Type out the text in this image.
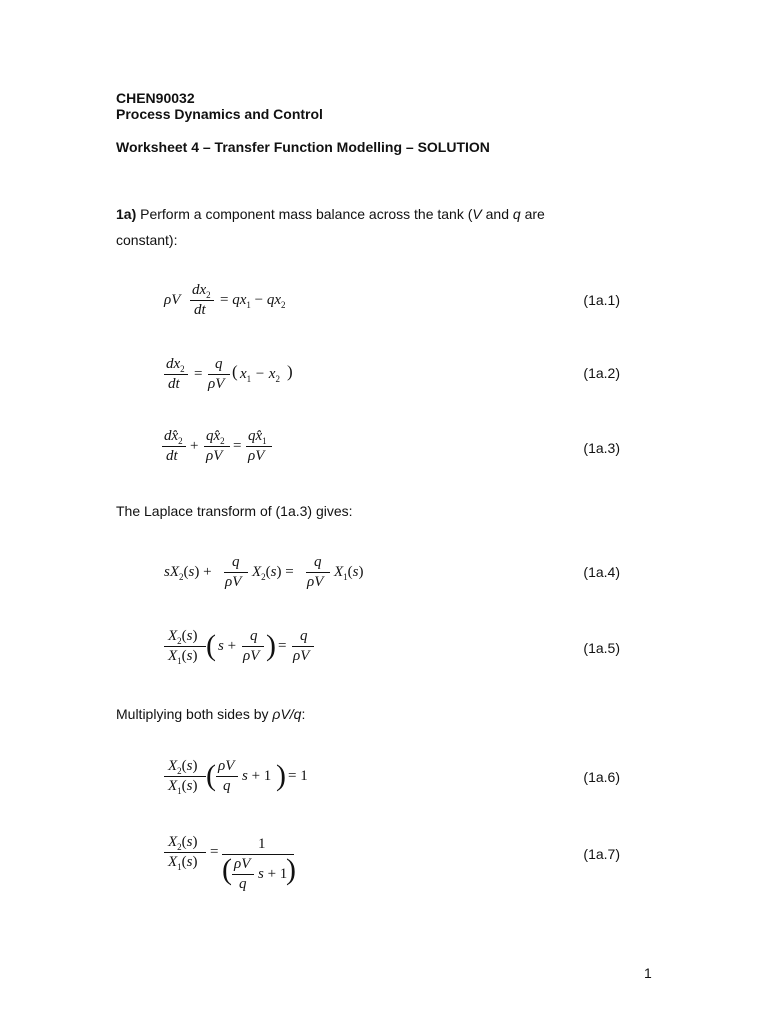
CHEN90032
Process Dynamics and Control
Worksheet 4 – Transfer Function Modelling – SOLUTION
1a) Perform a component mass balance across the tank (V and q are
constant):
ρV
$dx_2$
dt
= $qx_1 - qx_2$	(1a.1)
$dx_2$
dt
=
q
ρV
( $x_1 - x_2$ )	(1a.2)
$dx̂_2$
dt
+
$qx̂_2$
ρV
=
$qx̂_1$
ρV	(1a.3)
The Laplace transform of (1a.3) gives:
$sX_2(s)$ +
q
ρV
$X_2(s)$ =
q
ρV
$X_1(s)$	(1a.4)
$X_2(s)$
$X_1(s)$ ( s +
q
ρV ) =
q
ρV	(1a.5)
Multiplying both sides by ρV/q:
$X_2(s)$
$X_1(s)$ ( ρV
q
s + 1 ) = 1	(1a.6)
$X_2(s)$
$X_1(s)$
=	1
( ρV
q
s + 1
)	(1a.7)
1
